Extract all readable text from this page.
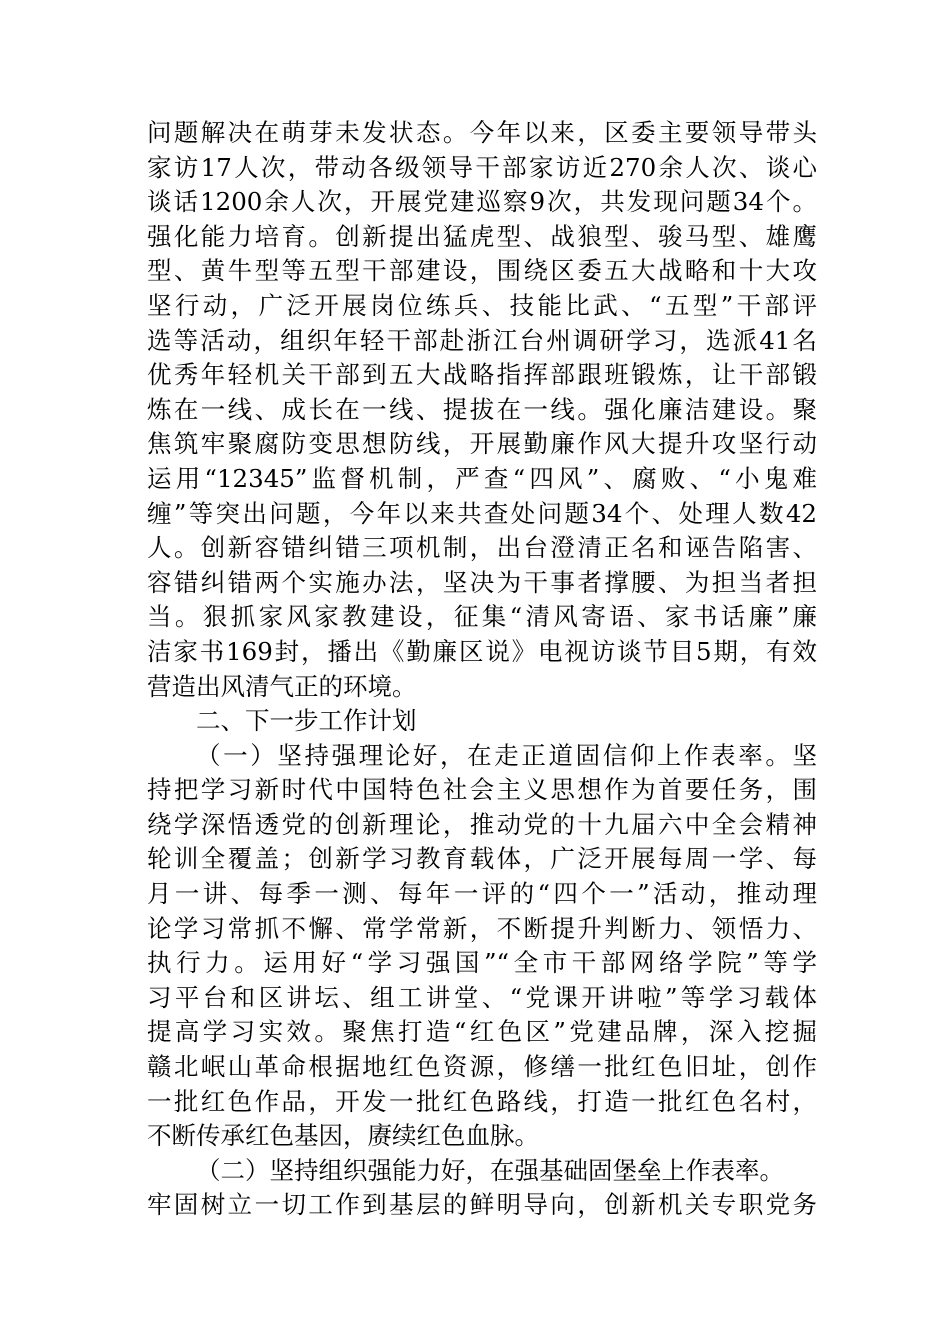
问题解决在萌芽未发状态。今年以来，区委主要领导带头
家访17人次，带动各级领导干部家访近270余人次、谈心
谈话1200余人次，开展党建巡察9次，共发现问题34个。
强化能力培育。创新提出猛虎型、战狼型、骏马型、雄鹰
型、黄牛型等五型干部建设，围绕区委五大战略和十大攻
坚行动，广泛开展岗位练兵、技能比武、“五型”干部评
选等活动，组织年轻干部赴浙江台州调研学习，选派41名
优秀年轻机关干部到五大战略指挥部跟班锻炼，让干部锻
炼在一线、成长在一线、提拔在一线。强化廉洁建设。聚
焦筑牢聚腐防变思想防线，开展勤廉作风大提升攻坚行动
运用“12345”监督机制，严查“四风”、腐败、“小鬼难
缠”等突出问题，今年以来共查处问题34个、处理人数42
人。创新容错纠错三项机制，出台澄清正名和诬告陷害、
容错纠错两个实施办法，坚决为干事者撑腰、为担当者担
当。狠抓家风家教建设，征集“清风寄语、家书话廉”廉
洁家书169封，播出《勤廉区说》电视访谈节目5期，有效
营造出风清气正的环境。
二、下一步工作计划
（一）坚持强理论好，在走正道固信仰上作表率。坚
持把学习新时代中国特色社会主义思想作为首要任务，围
绕学深悟透党的创新理论，推动党的十九届六中全会精神
轮训全覆盖；创新学习教育载体，广泛开展每周一学、每
月一讲、每季一测、每年一评的“四个一”活动，推动理
论学习常抓不懈、常学常新，不断提升判断力、领悟力、
执行力。运用好“学习强国”“全市干部网络学院”等学
习平台和区讲坛、组工讲堂、“党课开讲啦”等学习载体
提高学习实效。聚焦打造“红色区”党建品牌，深入挖掘
赣北岷山革命根据地红色资源，修缮一批红色旧址，创作
一批红色作品，开发一批红色路线，打造一批红色名村，
不断传承红色基因，赓续红色血脉。
（二）坚持组织强能力好，在强基础固堡垒上作表率。
牢固树立一切工作到基层的鲜明导向，创新机关专职党务
